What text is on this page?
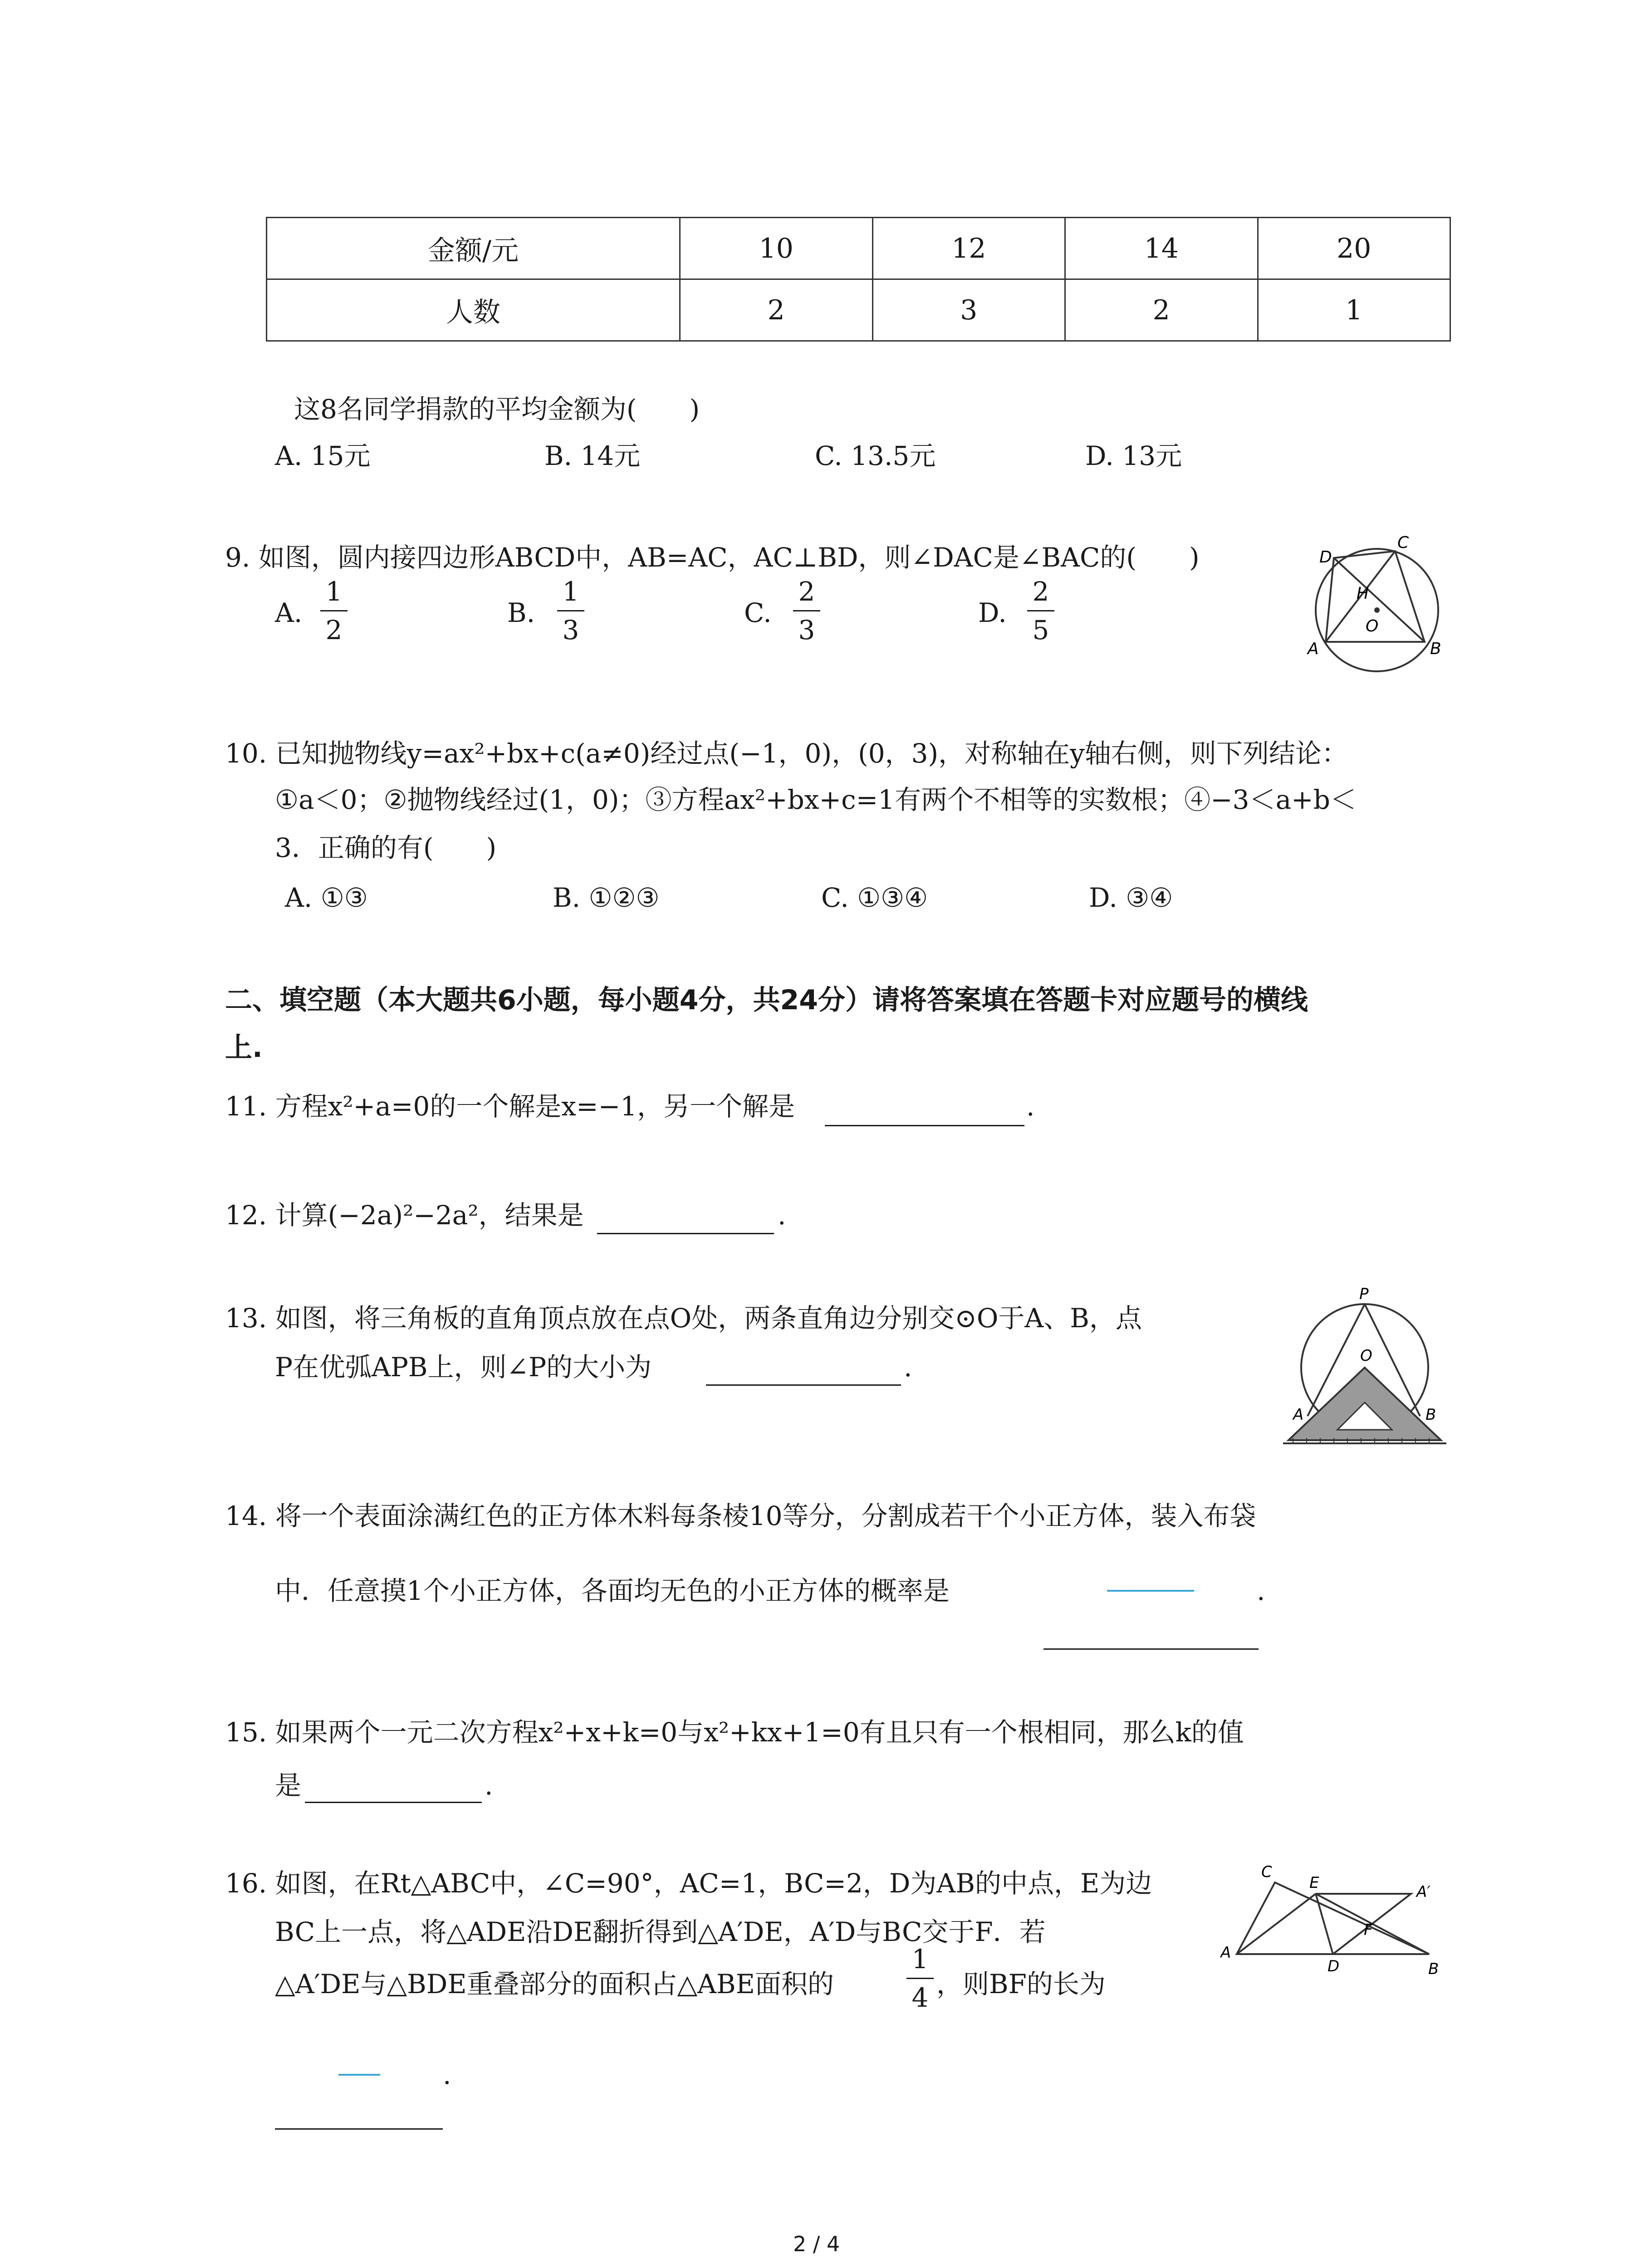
金额/元	10	12	14	20
人数	2	3	2	1
这8名同学捐款的平均金额为(　　)
A. 15元	B. 14元	C. 13.5元	D. 13元
9. 如图，圆内接四边形ABCD中，AB=AC，AC⊥BD，则∠DAC是∠BAC的(　　)
A.
1
2
B.
1
3
C.
2
3
D.
2
5
D
C
H
O
A	B
10. 已知抛物线y=ax²+bx+c(a≠0)经过点(−1，0)，(0，3)，对称轴在y轴右侧，则下列结论：
①a＜0；②抛物线经过(1，0)；③方程ax²+bx+c=1有两个不相等的实数根；④−3＜a+b＜
3．正确的有(　　)
A. ①③	B. ①②③	C. ①③④	D. ③④
二、填空题（本大题共6小题，每小题4分，共24分）请将答案填在答题卡对应题号的横线
上.
11. 方程x²+a=0的一个解是x=−1，另一个解是	.
12. 计算(−2a)²−2a²，结果是	.
13. 如图，将三角板的直角顶点放在点O处，两条直角边分别交⊙O于A、B，点
P在优弧APB上，则∠P的大小为	.
P
O
A	B
14. 将一个表面涂满红色的正方体木料每条棱10等分，分割成若干个小正方体，装入布袋
中．任意摸1个小正方体，各面均无色的小正方体的概率是	.
15. 如果两个一元二次方程x²+x+k=0与x²+kx+1=0有且只有一个根相同，那么k的值
是	.
16. 如图，在Rt△ABC中，∠C=90°，AC=1，BC=2，D为AB的中点，E为边
BC上一点，将△ADE沿DE翻折得到△A′DE，A′D与BC交于F．若
△A′DE与△BDE重叠部分的面积占△ABE面积的
1
4 ，则BF的长为
.
C
E	A′
F
A
D	B
2 / 4
